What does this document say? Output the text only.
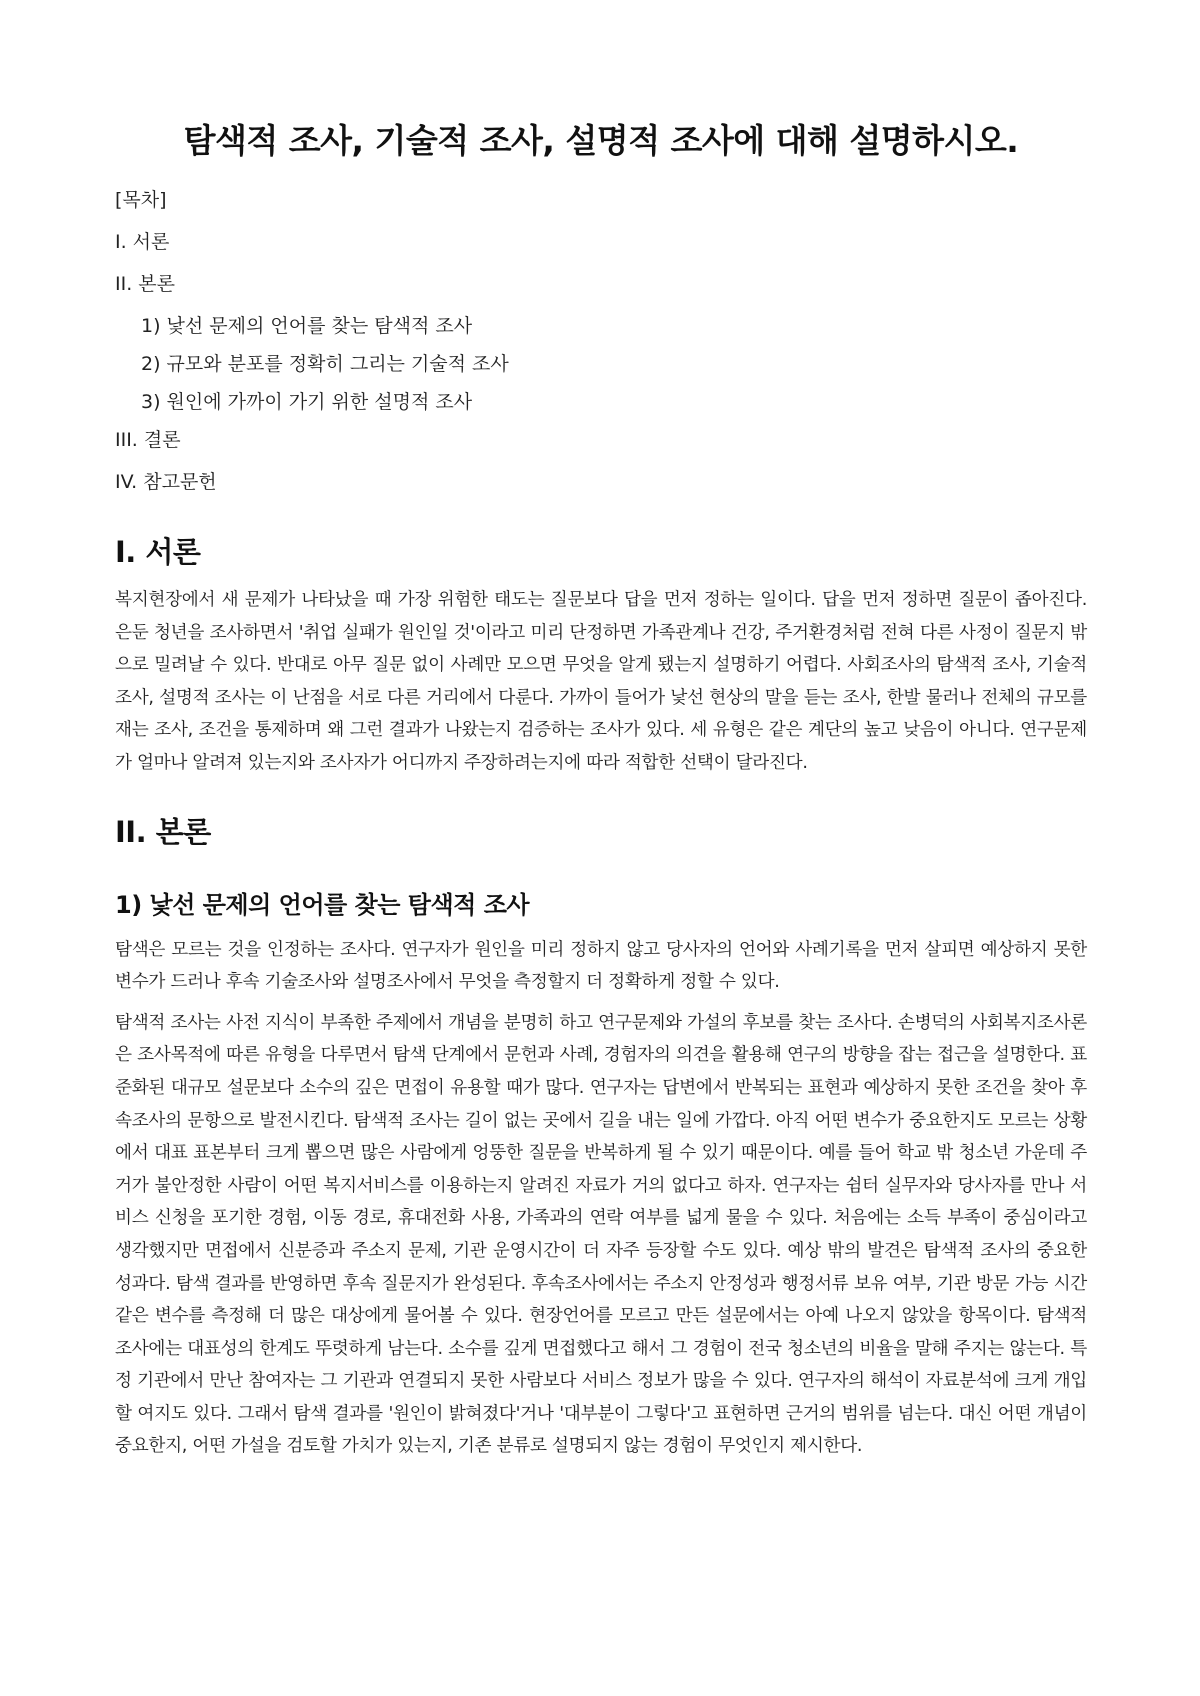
탐색적 조사, 기술적 조사, 설명적 조사에 대해 설명하시오.
[목차]
I. 서론
II. 본론
1) 낯선 문제의 언어를 찾는 탐색적 조사
2) 규모와 분포를 정확히 그리는 기술적 조사
3) 원인에 가까이 가기 위한 설명적 조사
III. 결론
IV. 참고문헌
I. 서론

복지현장에서 새 문제가 나타났을 때 가장 위험한 태도는 질문보다 답을 먼저 정하는 일이다. 답을 먼저 정하면 질문이 좁아진다. 은둔 청년을 조사하면서 '취업 실패가 원인일 것'이라고 미리 단정하면 가족관계나 건강, 주거환경처럼 전혀 다른 사정이 질문지 밖으로 밀려날 수 있다. 반대로 아무 질문 없이 사례만 모으면 무엇을 알게 됐는지 설명하기 어렵다. 사회조사의 탐색적 조사, 기술적 조사, 설명적 조사는 이 난점을 서로 다른 거리에서 다룬다. 가까이 들어가 낯선 현상의 말을 듣는 조사, 한발 물러나 전체의 규모를 재는 조사, 조건을 통제하며 왜 그런 결과가 나왔는지 검증하는 조사가 있다. 세 유형은 같은 계단의 높고 낮음이 아니다. 연구문제가 얼마나 알려져 있는지와 조사자가 어디까지 주장하려는지에 따라 적합한 선택이 달라진다.

II. 본론
1) 낯선 문제의 언어를 찾는 탐색적 조사

탐색은 모르는 것을 인정하는 조사다. 연구자가 원인을 미리 정하지 않고 당사자의 언어와 사례기록을 먼저 살피면 예상하지 못한 변수가 드러나 후속 기술조사와 설명조사에서 무엇을 측정할지 더 정확하게 정할 수 있다.

탐색적 조사는 사전 지식이 부족한 주제에서 개념을 분명히 하고 연구문제와 가설의 후보를 찾는 조사다. 손병덕의 사회복지조사론은 조사목적에 따른 유형을 다루면서 탐색 단계에서 문헌과 사례, 경험자의 의견을 활용해 연구의 방향을 잡는 접근을 설명한다. 표준화된 대규모 설문보다 소수의 깊은 면접이 유용할 때가 많다. 연구자는 답변에서 반복되는 표현과 예상하지 못한 조건을 찾아 후속조사의 문항으로 발전시킨다. 탐색적 조사는 길이 없는 곳에서 길을 내는 일에 가깝다. 아직 어떤 변수가 중요한지도 모르는 상황에서 대표 표본부터 크게 뽑으면 많은 사람에게 엉뚱한 질문을 반복하게 될 수 있기 때문이다. 예를 들어 학교 밖 청소년 가운데 주거가 불안정한 사람이 어떤 복지서비스를 이용하는지 알려진 자료가 거의 없다고 하자. 연구자는 쉼터 실무자와 당사자를 만나 서비스 신청을 포기한 경험, 이동 경로, 휴대전화 사용, 가족과의 연락 여부를 넓게 물을 수 있다. 처음에는 소득 부족이 중심이라고 생각했지만 면접에서 신분증과 주소지 문제, 기관 운영시간이 더 자주 등장할 수도 있다. 예상 밖의 발견은 탐색적 조사의 중요한 성과다. 탐색 결과를 반영하면 후속 질문지가 완성된다. 후속조사에서는 주소지 안정성과 행정서류 보유 여부, 기관 방문 가능 시간 같은 변수를 측정해 더 많은 대상에게 물어볼 수 있다. 현장언어를 모르고 만든 설문에서는 아예 나오지 않았을 항목이다. 탐색적 조사에는 대표성의 한계도 뚜렷하게 남는다. 소수를 깊게 면접했다고 해서 그 경험이 전국 청소년의 비율을 말해 주지는 않는다. 특정 기관에서 만난 참여자는 그 기관과 연결되지 못한 사람보다 서비스 정보가 많을 수 있다. 연구자의 해석이 자료분석에 크게 개입할 여지도 있다. 그래서 탐색 결과를 '원인이 밝혀졌다'거나 '대부분이 그렇다'고 표현하면 근거의 범위를 넘는다. 대신 어떤 개념이 중요한지, 어떤 가설을 검토할 가치가 있는지, 기존 분류로 설명되지 않는 경험이 무엇인지 제시한다.
